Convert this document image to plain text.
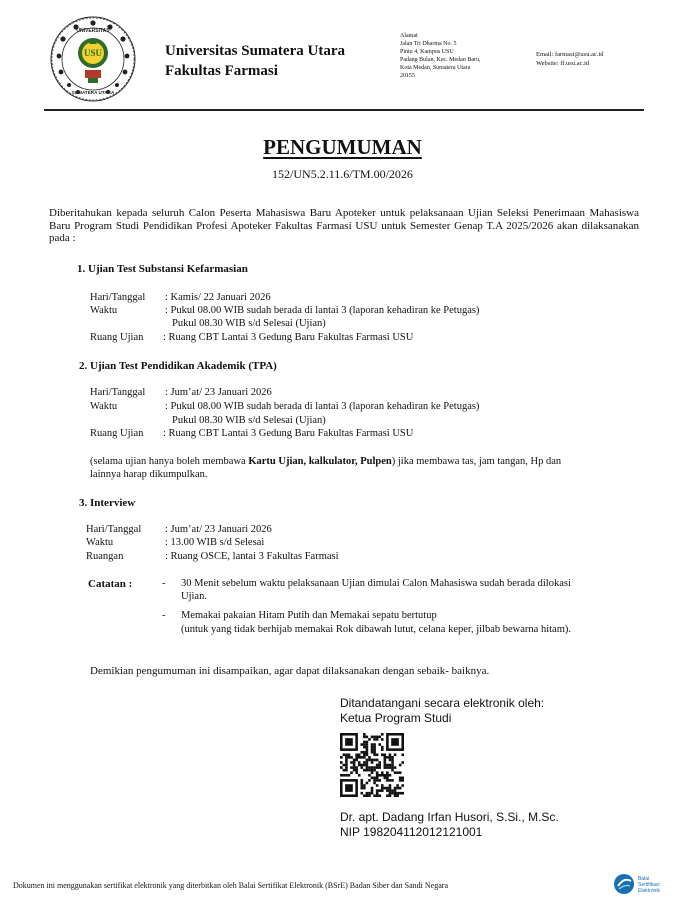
UNIVERSITAS
SUMATERA UTARA
USU	Universitas Sumatera Utara
Fakultas Farmasi
Alamat
Jalan Tri Dharma No. 5
Pintu 4, Kampus USU
Padang Bulan, Kec. Medan Baru,
Kota Medan, Sumatera Utara
20155
Email: farmasi@usu.ac.id
Website: ff.usu.ac.id
PENGUMUMAN
152/UN5.2.11.6/TM.00/2026
Diberitahukan kepada seluruh Calon Peserta Mahasiswa Baru Apoteker untuk pelaksanaan Ujian Seleksi Penerimaan Mahasiswa Baru Program Studi Pendidikan Profesi Apoteker Fakultas Farmasi USU untuk Semester Genap T.A 2025/2026 akan dilaksanakan pada :
1. Ujian Test Substansi Kefarmasian
Hari/Tanggal : Kamis/ 22 Januari 2026
Waktu	: Pukul 08.00 WIB sudah berada di lantai 3 (laporan kehadiran ke Petugas)
Pukul 08.30 WIB s/d Selesai (Ujian)
Ruang Ujian : Ruang CBT Lantai 3 Gedung Baru Fakultas Farmasi USU
2. Ujian Test Pendidikan Akademik (TPA)
Hari/Tanggal : Jum’at/ 23 Januari 2026
Waktu	: Pukul 08.00 WIB sudah berada di lantai 3 (laporan kehadiran ke Petugas)
Pukul 08.30 WIB s/d Selesai (Ujian)
Ruang Ujian : Ruang CBT Lantai 3 Gedung Baru Fakultas Farmasi USU
(selama ujian hanya boleh membawa Kartu Ujian, kalkulator, Pulpen) jika membawa tas, jam tangan, Hp dan lainnya harap dikumpulkan.
3. Interview
Hari/Tanggal : Jum’at/ 23 Januari 2026
Waktu	: 13.00 WIB s/d Selesai
Ruangan	: Ruang OSCE, lantai 3 Fakultas Farmasi
Catatan :	- 30 Menit sebelum waktu pelaksanaan Ujian dimulai Calon Mahasiswa sudah berada dilokasi Ujian.
- Memakai pakaian Hitam Putih dan Memakai sepatu bertutup
(untuk yang tidak berhijab memakai Rok dibawah lutut, celana keper, jilbab bewarna hitam).
Demikian pengumuman ini disampaikan, agar dapat dilaksanakan dengan sebaik- baiknya.
Ditandatangani secara elektronik oleh:
Ketua Program Studi
Dr. apt. Dadang Irfan Husori, S.Si., M.Sc.
NIP 198204112012121001
Dokumen ini menggunakan sertifikat elektronik yang diterbitkan oleh Balai Sertifikat Elektronik (BSrE) Badan Siber dan Sandi Negara
Balai
Sertifikasi
Elektronik
